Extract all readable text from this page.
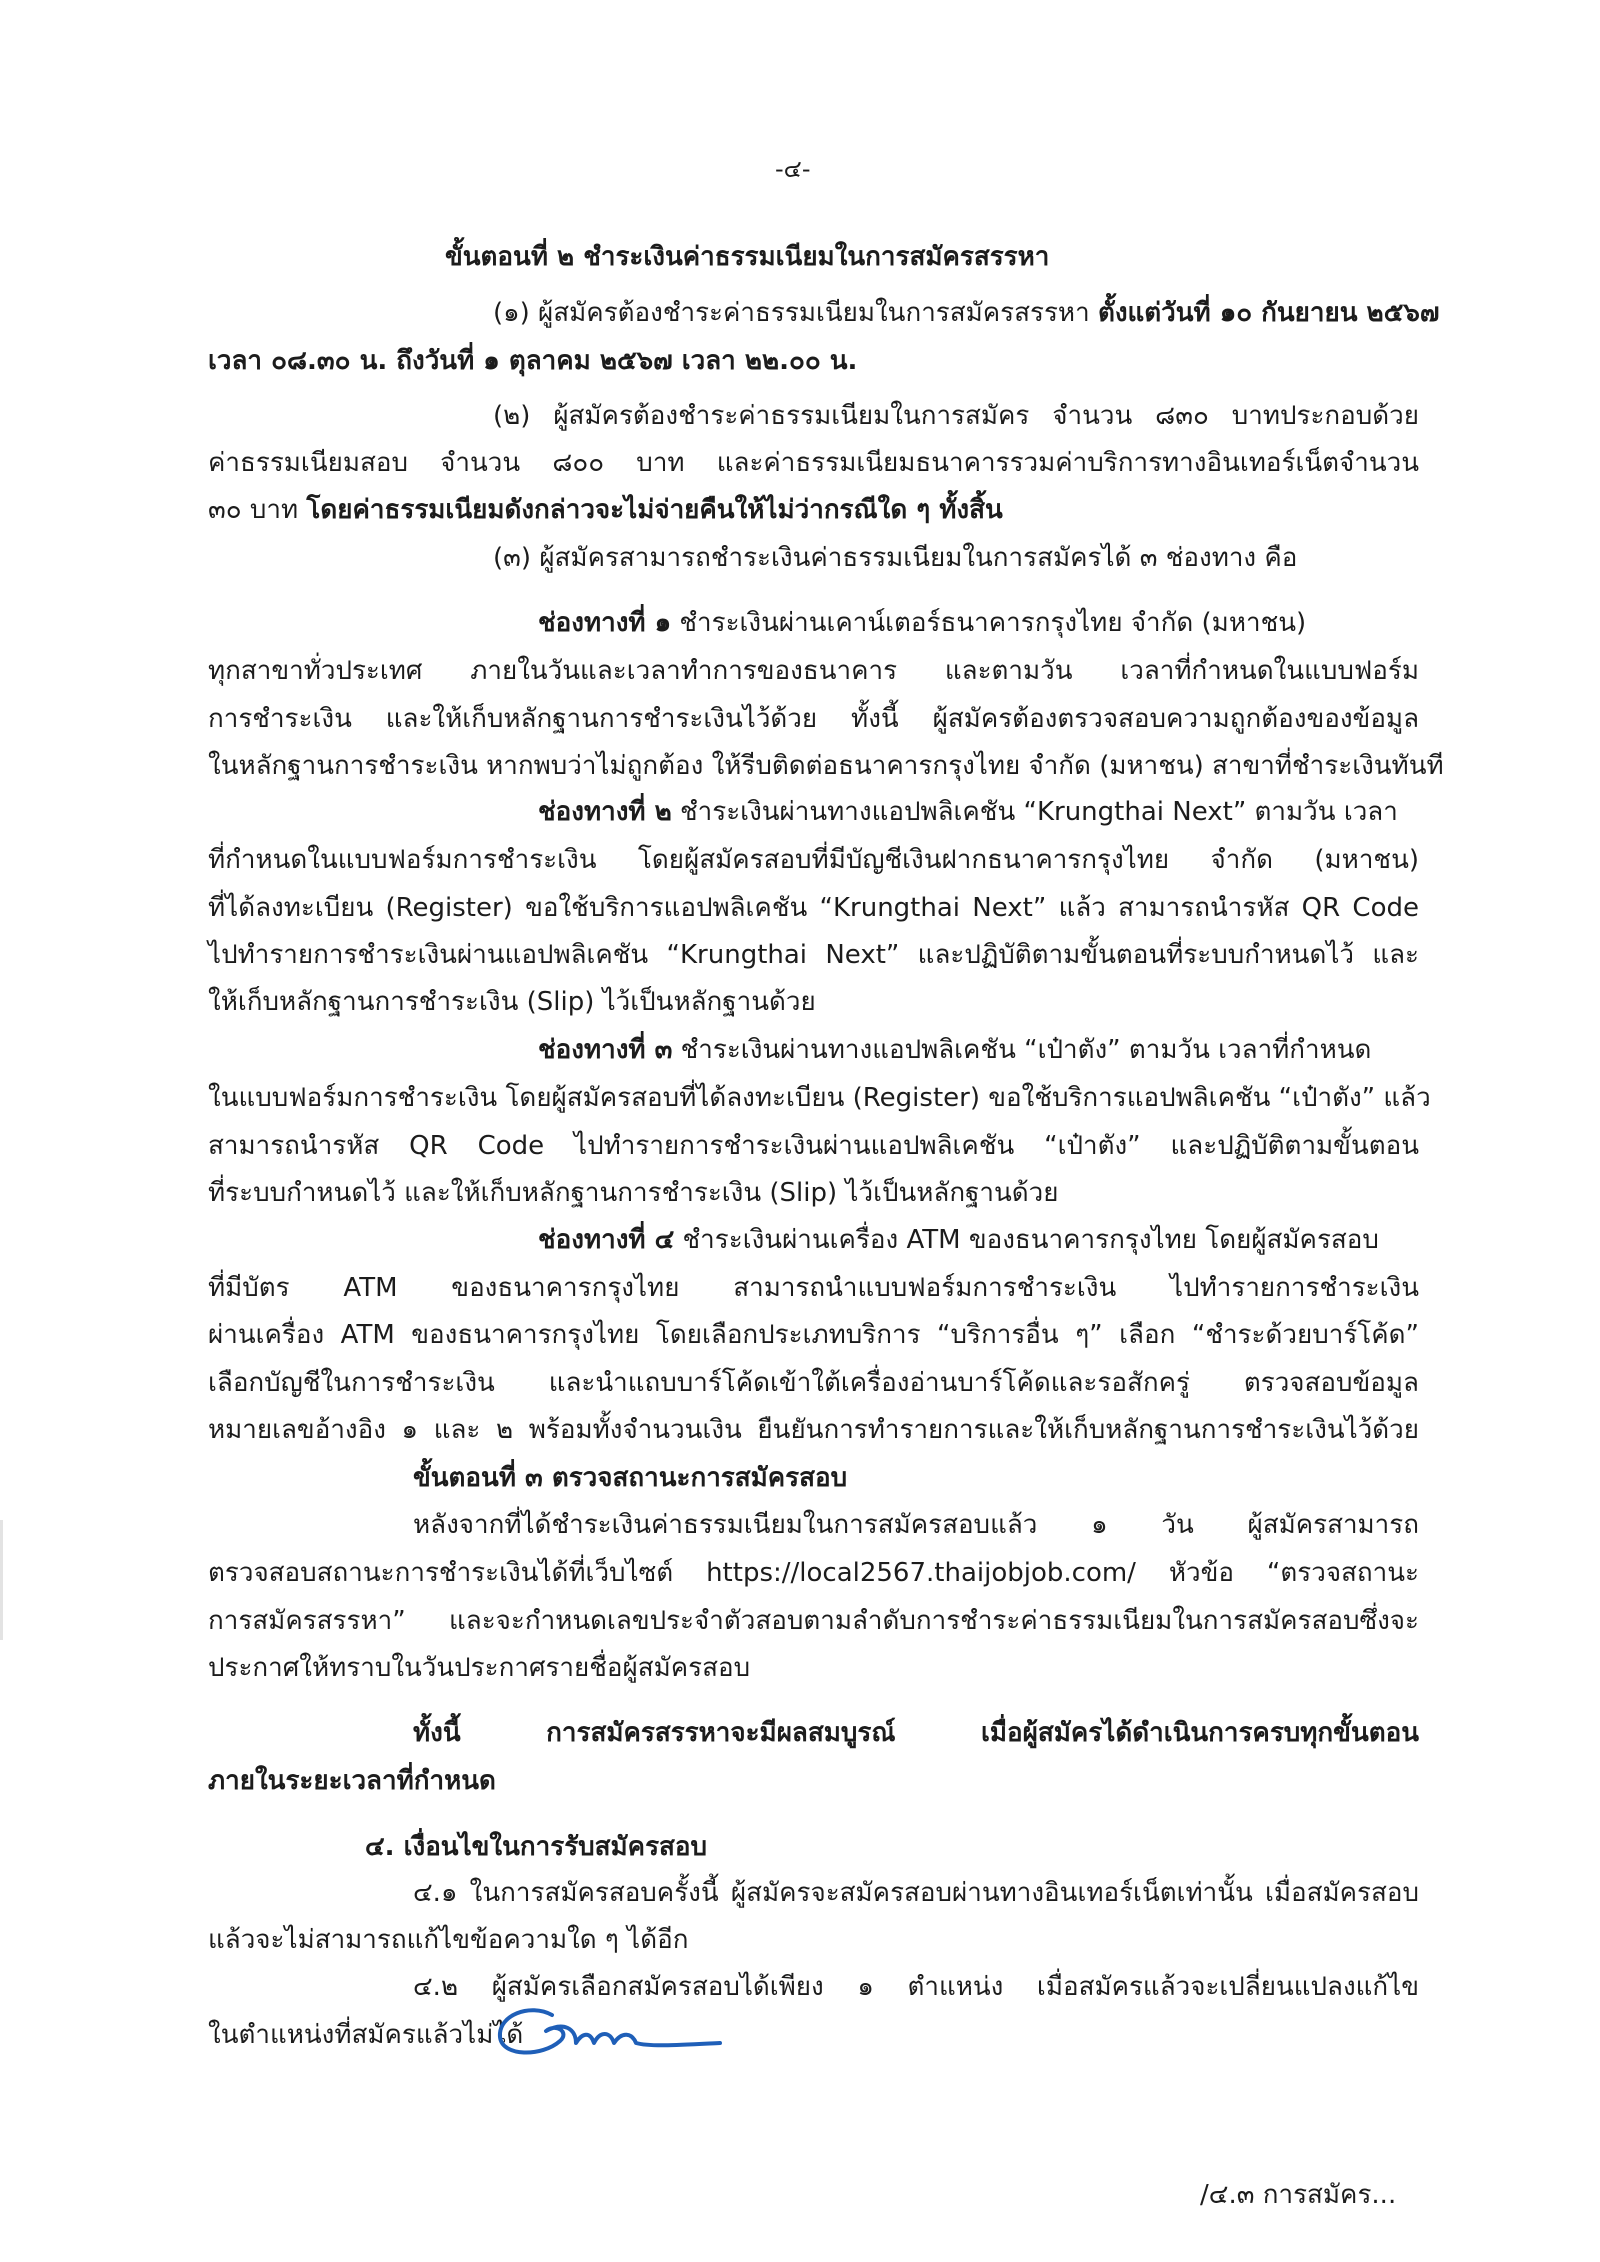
-๔-
ขั้นตอนที่ ๒ ชำระเงินค่าธรรมเนียมในการสมัครสรรหา
(๑) ผู้สมัครต้องชำระค่าธรรมเนียมในการสมัครสรรหา ตั้งแต่วันที่ ๑๐ กันยายน ๒๕๖๗
เวลา ๐๘.๓๐ น. ถึงวันที่ ๑ ตุลาคม ๒๕๖๗ เวลา ๒๒.๐๐ น.
(๒) ผู้สมัครต้องชำระค่าธรรมเนียมในการสมัคร จำนวน ๘๓๐ บาทประกอบด้วย
ค่าธรรมเนียมสอบ จำนวน ๘๐๐ บาท และค่าธรรมเนียมธนาคารรวมค่าบริการทางอินเทอร์เน็ตจำนวน
๓๐ บาท โดยค่าธรรมเนียมดังกล่าวจะไม่จ่ายคืนให้ไม่ว่ากรณีใด ๆ ทั้งสิ้น
(๓) ผู้สมัครสามารถชำระเงินค่าธรรมเนียมในการสมัครได้ ๓ ช่องทาง คือ
ช่องทางที่ ๑ ชำระเงินผ่านเคาน์เตอร์ธนาคารกรุงไทย จำกัด (มหาชน)
ทุกสาขาทั่วประเทศ ภายในวันและเวลาทำการของธนาคาร และตามวัน เวลาที่กำหนดในแบบฟอร์ม
การชำระเงิน และให้เก็บหลักฐานการชำระเงินไว้ด้วย ทั้งนี้ ผู้สมัครต้องตรวจสอบความถูกต้องของข้อมูล
ในหลักฐานการชำระเงิน หากพบว่าไม่ถูกต้อง ให้รีบติดต่อธนาคารกรุงไทย จำกัด (มหาชน) สาขาที่ชำระเงินทันที
ช่องทางที่ ๒ ชำระเงินผ่านทางแอปพลิเคชัน “Krungthai Next” ตามวัน เวลา
ที่กำหนดในแบบฟอร์มการชำระเงิน โดยผู้สมัครสอบที่มีบัญชีเงินฝากธนาคารกรุงไทย จำกัด (มหาชน)
ที่ได้ลงทะเบียน (Register) ขอใช้บริการแอปพลิเคชัน “Krungthai Next” แล้ว สามารถนำรหัส QR Code
ไปทำรายการชำระเงินผ่านแอปพลิเคชัน “Krungthai Next” และปฏิบัติตามขั้นตอนที่ระบบกำหนดไว้ และ
ให้เก็บหลักฐานการชำระเงิน (Slip) ไว้เป็นหลักฐานด้วย
ช่องทางที่ ๓ ชำระเงินผ่านทางแอปพลิเคชัน “เป๋าตัง” ตามวัน เวลาที่กำหนด
ในแบบฟอร์มการชำระเงิน โดยผู้สมัครสอบที่ได้ลงทะเบียน (Register) ขอใช้บริการแอปพลิเคชัน “เป๋าตัง” แล้ว
สามารถนำรหัส QR Code ไปทำรายการชำระเงินผ่านแอปพลิเคชัน “เป๋าตัง” และปฏิบัติตามขั้นตอน
ที่ระบบกำหนดไว้ และให้เก็บหลักฐานการชำระเงิน (Slip) ไว้เป็นหลักฐานด้วย
ช่องทางที่ ๔ ชำระเงินผ่านเครื่อง ATM ของธนาคารกรุงไทย โดยผู้สมัครสอบ
ที่มีบัตร ATM ของธนาคารกรุงไทย สามารถนำแบบฟอร์มการชำระเงิน ไปทำรายการชำระเงิน
ผ่านเครื่อง ATM ของธนาคารกรุงไทย โดยเลือกประเภทบริการ “บริการอื่น ๆ” เลือก “ชำระด้วยบาร์โค้ด”
เลือกบัญชีในการชำระเงิน และนำแถบบาร์โค้ดเข้าใต้เครื่องอ่านบาร์โค้ดและรอสักครู่ ตรวจสอบข้อมูล
หมายเลขอ้างอิง ๑ และ ๒ พร้อมทั้งจำนวนเงิน ยืนยันการทำรายการและให้เก็บหลักฐานการชำระเงินไว้ด้วย
ขั้นตอนที่ ๓ ตรวจสถานะการสมัครสอบ
หลังจากที่ได้ชำระเงินค่าธรรมเนียมในการสมัครสอบแล้ว ๑ วัน ผู้สมัครสามารถ
ตรวจสอบสถานะการชำระเงินได้ที่เว็บไซต์ https://local2567.thaijobjob.com/ หัวข้อ “ตรวจสถานะ
การสมัครสรรหา” และจะกำหนดเลขประจำตัวสอบตามลำดับการชำระค่าธรรมเนียมในการสมัครสอบซึ่งจะ
ประกาศให้ทราบในวันประกาศรายชื่อผู้สมัครสอบ
ทั้งนี้ การสมัครสรรหาจะมีผลสมบูรณ์ เมื่อผู้สมัครได้ดำเนินการครบทุกขั้นตอน
ภายในระยะเวลาที่กำหนด
๔. เงื่อนไขในการรับสมัครสอบ
๔.๑ ในการสมัครสอบครั้งนี้ ผู้สมัครจะสมัครสอบผ่านทางอินเทอร์เน็ตเท่านั้น เมื่อสมัครสอบ
แล้วจะไม่สามารถแก้ไขข้อความใด ๆ ได้อีก
๔.๒ ผู้สมัครเลือกสมัครสอบได้เพียง ๑ ตำแหน่ง เมื่อสมัครแล้วจะเปลี่ยนแปลงแก้ไข
ในตำแหน่งที่สมัครแล้วไม่ได้
/๔.๓ การสมัคร...
